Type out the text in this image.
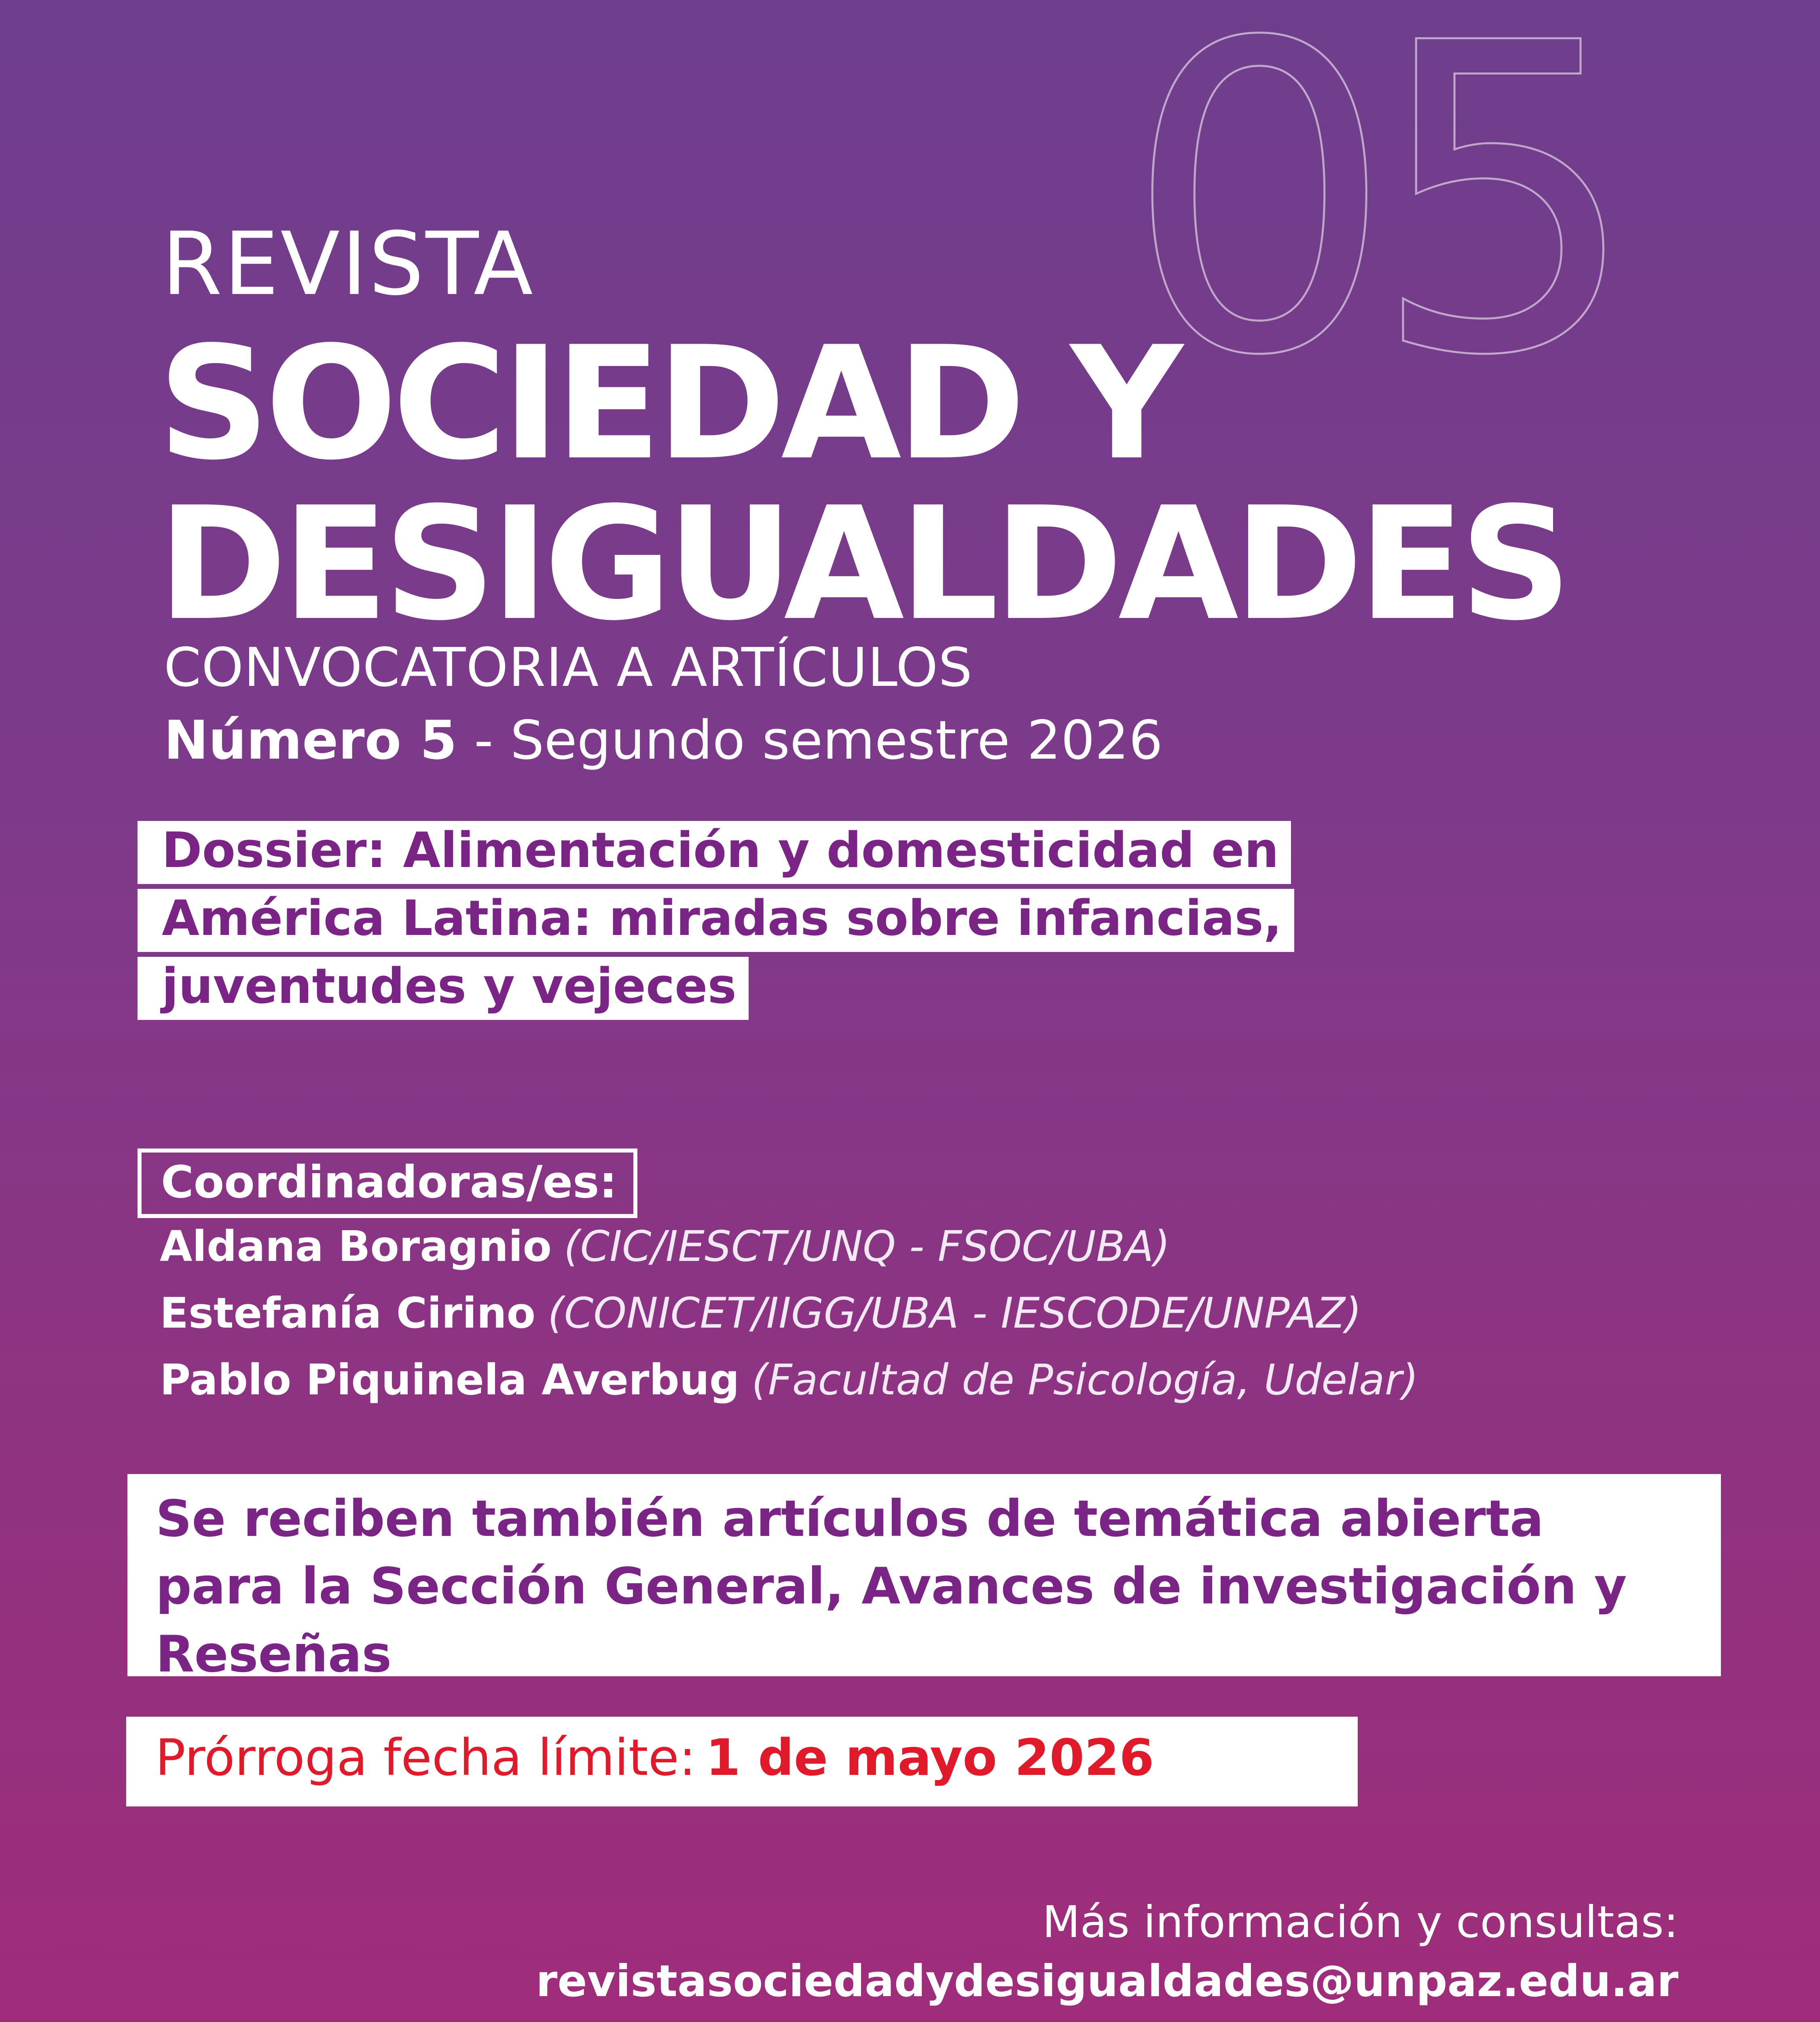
05
REVISTA
SOCIEDAD Y
DESIGUALDADES
CONVOCATORIA A ARTÍCULOS
Número 5 - Segundo semestre 2026
Dossier: Alimentación y domesticidad en
América Latina: miradas sobre infancias,
juventudes y vejeces
Coordinadoras/es:
Aldana Boragnio (CIC/IESCT/UNQ - FSOC/UBA)
Estefanía Cirino (CONICET/IIGG/UBA - IESCODE/UNPAZ)
Pablo Piquinela Averbug (Facultad de Psicología, Udelar)
Se reciben también artículos de temática abierta
para la Sección General, Avances de investigación y
Reseñas
Prórroga fecha límite: 1 de mayo 2026
Más información y consultas:
revistasociedadydesigualdades@unpaz.edu.ar
